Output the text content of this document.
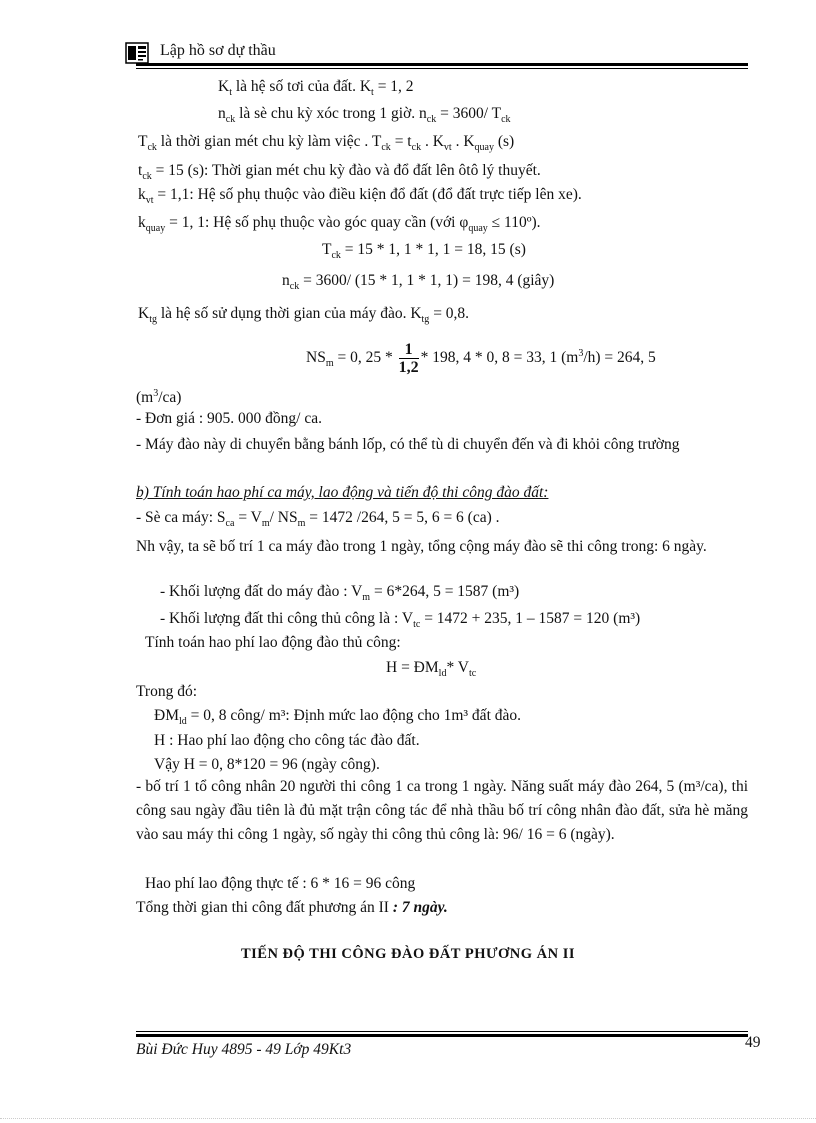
Lập hồ sơ dự thầu
$K_t$ là hệ số tơi của đất. $K_t = 1$, 2
$n_{ck}$ là sè chu kỳ xóc trong 1 giờ. $n_{ck} = 3600/$ $T_{ck}$
$T_{ck}$ là thời gian mét chu kỳ làm việc . $T_{ck} = t_{ck}$ . $K_{vt}$ . $K_{quay}$ (s)
$t_{ck} = 15$ (s): Thời gian mét chu kỳ đào và đổ đất lên ôtô lý thuyết.
$k_{vt} = 1,1$: Hệ số phụ thuộc vào điều kiện đổ đất (đổ đất trực tiếp lên xe).
$k_{quay} = 1$, 1: Hệ số phụ thuộc vào góc quay cần (với $\varphi_{quay}$ ≤ 110º).
$T_{ck} = 15 * 1$, 1 * 1, 1 = 18, 15 (s)
$n_{ck} = 3600/$ (15 * 1, 1 * 1, 1) = 198, 4 (giây)
$K_{tg}$ là hệ số sử dụng thời gian của máy đào. $K_{tg} = 0,8$.
$NS_m = 0$, $25 * \frac{1}{1,2} * 198$, 4 * 0, 8 = 33, 1 $(m^3/h) = 264$, 5
$(m^3/ca)$
- Đơn giá : 905. 000 đồng/ ca.
- Máy đào này di chuyển bằng bánh lốp, có thể tù di chuyển đến và đi khỏi công trường
b) Tính toán hao phí ca máy, lao động và tiến độ thi công đào đất:
- Sè ca máy: $S_{ca} = V_m/$ $NS_m = 1472$ /264, 5 = 5, 6 = 6 (ca) .
Nh vậy, ta sẽ bố trí 1 ca máy đào trong 1 ngày, tổng cộng máy đào sẽ thi công trong: 6 ngày.
- Khối lượng đất do máy đào : $V_m = 6*264$, 5 = 1587 (m³)
- Khối lượng đất thi công thủ công là : $V_{tc} = 1472 + 235$, 1 – 1587 = 120 (m³)
Tính toán hao phí lao động đào thủ công:
$H = ĐM_{ld}*$ $V_{tc}$
Trong đó:
$ĐM_{ld} = 0$, 8 công/ m³: Định mức lao động cho 1m³ đất đào.
H : Hao phí lao động cho công tác đào đất.
Vậy H = 0, 8*120 = 96 (ngày công).
- bố trí 1 tổ công nhân 20 người thi công 1 ca trong 1 ngày. Năng suất máy đào 264, 5 (m³/ca), thi công sau ngày đầu tiên là đủ mặt trận công tác để nhà thầu bố trí công nhân đào đất, sửa hè măng vào sau máy thi công 1 ngày, số ngày thi công thủ công là: 96/ 16 = 6 (ngày).
Hao phí lao động thực tế : 6 * 16 = 96 công
Tổng thời gian thi công đất phương án II : 7 ngày.
TIẾN ĐỘ THI CÔNG ĐÀO ĐẤT PHƯƠNG ÁN II
Bùi Đức Huy 4895 - 49 Lớp 49Kt3	49
